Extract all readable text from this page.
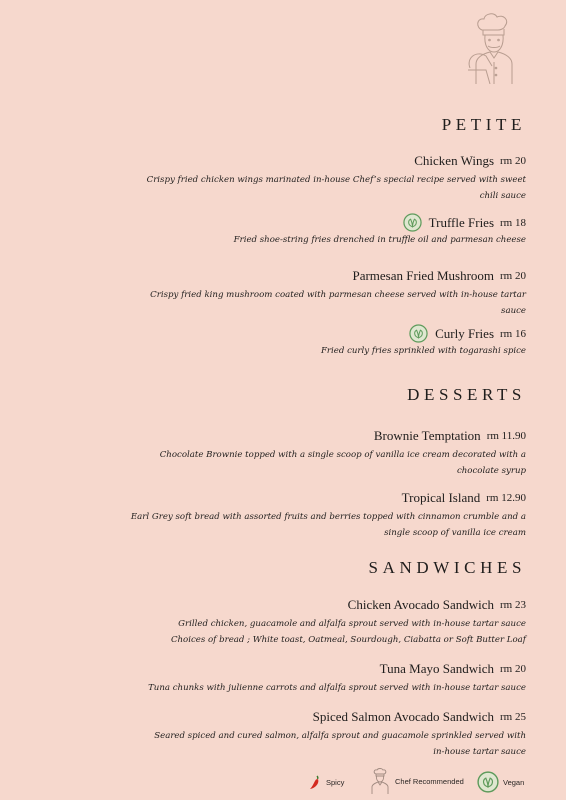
PETITE
Chicken Wings rm 20
Crispy fried chicken wings marinated in-house Chef’s special recipe served with sweet
chili sauce
Truffle Fries rm 18
Fried shoe-string fries drenched in truffle oil and parmesan cheese
Parmesan Fried Mushroom rm 20
Crispy fried king mushroom coated with parmesan cheese served with in-house tartar
sauce
Curly Fries rm 16
Fried curly fries sprinkled with togarashi spice
DESSERTS
Brownie Temptation rm 11.90
Chocolate Brownie topped with a single scoop of vanilla ice cream decorated with a
chocolate syrup
Tropical Island rm 12.90
Earl Grey soft bread with assorted fruits and berries topped with cinnamon crumble and a
single scoop of vanilla ice cream
SANDWICHES
Chicken Avocado Sandwich rm 23
Grilled chicken, guacamole and alfalfa sprout served with in-house tartar sauce
Choices of bread ; White toast, Oatmeal, Sourdough, Ciabatta or Soft Butter Loaf
Tuna Mayo Sandwich rm 20
Tuna chunks with julienne carrots and alfalfa sprout served with in-house tartar sauce
Spiced Salmon Avocado Sandwich rm 25
Seared spiced and cured salmon, alfalfa sprout and guacamole sprinkled served with
in-house tartar sauce
Spicy	Chef Recommended	Vegan
